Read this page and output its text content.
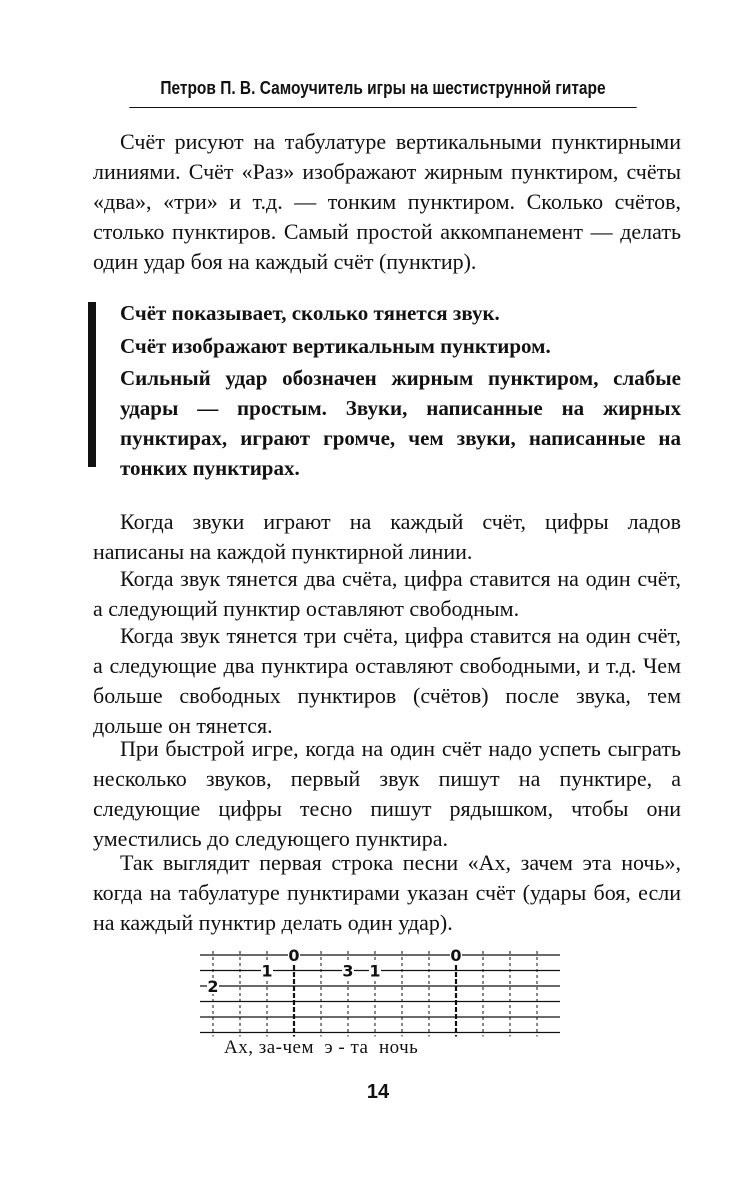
Петров П. В. Самоучитель игры на шестиструнной гитаре

Счёт рисуют на табулатуре вертикальными пунктирными линиями. Счёт «Раз» изображают жирным пунктиром, счёты «два», «три» и т.д. — тонким пунктиром. Сколько счётов, столько пунктиров. Самый простой аккомпанемент — делать один удар боя на каждый счёт (пунктир).

Счёт показывает, сколько тянется звук.

Счёт изображают вертикальным пунктиром.

Сильный удар обозначен жирным пунктиром, слабые удары — простым. Звуки, написанные на жирных пунктирах, играют громче, чем звуки, написанные на тонких пунктирах.

Когда звуки играют на каждый счёт, цифры ладов написаны на каждой пунктирной линии.

Когда звук тянется два счёта, цифра ставится на один счёт, а следующий пунктир оставляют свободным.

Когда звук тянется три счёта, цифра ставится на один счёт, а следующие два пунктира оставляют свободными, и т.д. Чем больше свободных пунктиров (счётов) после звука, тем дольше он тянется.

При быстрой игре, когда на один счёт надо успеть сыграть несколько звуков, первый звук пишут на пунктире, а следующие цифры тесно пишут рядышком, чтобы они уместились до следующего пунктира.

Так выглядит первая строка песни «Ах, зачем эта ночь», когда на табулатуре пунктирами указан счёт (удары боя, если на каждый пунктир делать один удар).

2
1
0
3 1
0
Ах, за-чем  э - та  ночь
14
